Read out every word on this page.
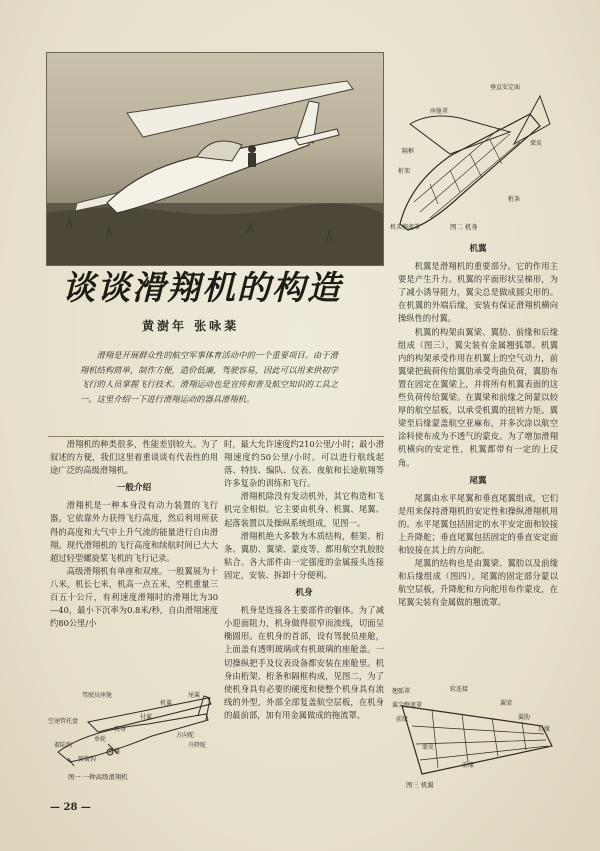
谈谈滑翔机的构造
黄澍年 张咏棻

滑翔是开展群众性的航空军事体育活动中的一个重要项目。由于滑翔机结构简单，制作方便，造价低廉，驾驶容易，因此可以用来供初学飞行的人员掌握飞行技术。滑翔运动也是宣传和普及航空知识的工具之一。这里介绍一下进行滑翔运动的器具滑翔机。

滑翔机的种类很多，性能差别较大。为了叙述的方便，我们这里着重谈谈有代表性的用途广泛的高级滑翔机。

一般介绍

滑翔机是一种本身没有动力装置的飞行器。它依靠外力获得飞行高度，然后利用所获得的高度和大气中上升气流的能量进行自由滑翔。现代滑翔机的飞行高度和续航时间已大大超过轻型螺旋桨飞机的飞行记录。

高级滑翔机有单座和双座。一般翼展为十八米，机长七米，机高一点五米，空机重量三百五十公斤，有利速度滑翔时的滑翔比为30—40，最小下沉率为0.8米/秒，自由滑翔速度约80公里/小

驾驶员座舱
机翼
尾翼
付翼
空速管托盘
机身
单轮
着陆钩
滑橇
弹簧钩
方向舵
升降舵
图一 一种高级滑翔机

时，最大允许速度约210公里/小时；最小滑翔速度约50公里/小时。可以进行航线起落、特技、编队、仪表、夜航和长途航翔等许多复杂的训练和飞行。

滑翔机除没有发动机外，其它构造和飞机完全相似。它主要由机身、机翼、尾翼、起落装置以及操纵系统组成，见图一。

滑翔机绝大多数为木质结构，框架、桁条、翼肋、翼梁、蒙皮等，都用航空乳胶胶粘合。各大部件由一定强度的金属接头连接固定，安装、拆卸十分便利。

机身

机身是连接各主要部件的躯体。为了减小迎面阻力，机身做得很窄而流线，切面呈椭圆形。在机身的首部，设有驾驶员座舱，上面盖有透明玻璃或有机玻璃的座舱盖。一切操纵把手及仪表设备都安装在座舱里。机身由桁架、桁条和隔框构成，见图二，为了使机身具有必要的硬度和使整个机身具有流线的外型，外部全部复盖航空层板，在机身的最前部，加有用金属做成的拖流罩。

垂直安定面
座舱罩
隔框
蒙皮
桁架
桁条
机头拖流罩	图二 机身
机翼

机翼是滑翔机的重要部分。它的作用主要是产生升力。机翼的平面形状呈梯形，为了减小诱导阻力，翼尖总是做成圆尖形的。在机翼的外端后缘，安装有保证滑翔机横向操纵性的付翼。

机翼的构架由翼梁、翼肋、前缘和后缘组成（图三），翼尖装有金属翘弧罩。机翼内的构架承受作用在机翼上的空气动力，前翼梁把载荷传给翼肋承受弯曲负荷，翼肋布置在固定在翼梁上，并将所有机翼表面的这些负荷传给翼梁。在翼梁和前缘之间蒙以较厚的航空层板，以承受机翼的扭转力矩。翼梁至后缘蒙盖航空亚麻布，并多次涂以航空涂料使布成为不透气的蒙皮。为了增加滑翔机横向的安定性，机翼都带有一定的上反角。

尾翼

尾翼由水平尾翼和垂直尾翼组成，它们是用来保持滑翔机的安定性和操纵滑翔机用的。水平尾翼包括固定的水平安定面和铰接上升降舵；垂直尾翼包括固定的垂直安定面和铰接在其上的方向舵。

尾翼的结构也是由翼梁、翼肋以及前缘和后缘组成（图四）。尾翼的固定部分蒙以航空层板，升降舵和方向舵用布作蒙皮，在尾翼尖装有金属做的翘流罩。

翘弧罩	软连接
翼梁
翼肋
后缘
前缘
蒙皮
翼尖整流罩
前缘
图三 机翼
— 28 —
